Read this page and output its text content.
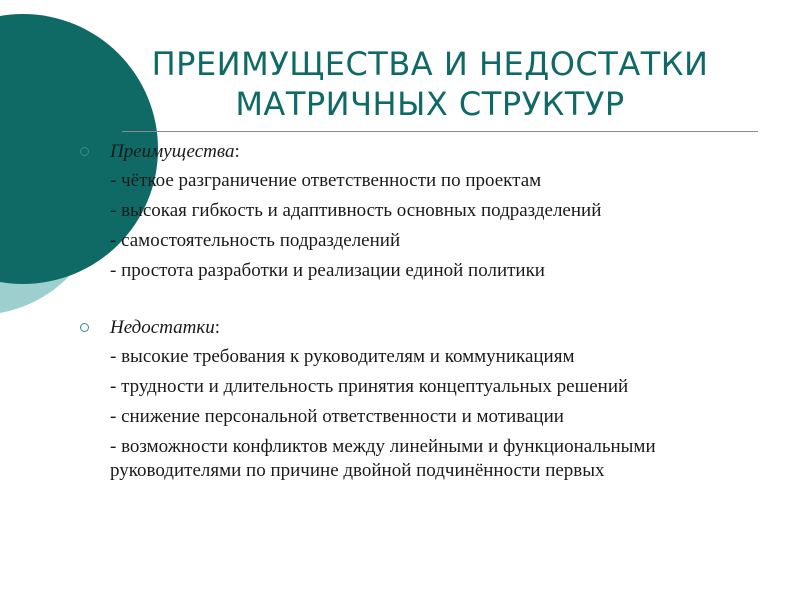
ПРЕИМУЩЕСТВА И НЕДОСТАТКИ
МАТРИЧНЫХ СТРУКТУР
Преимущества:
- чёткое разграничение ответственности по проектам
- высокая гибкость и адаптивность основных подразделений
- самостоятельность подразделений
- простота разработки и реализации единой политики
Недостатки:
- высокие требования к руководителям и коммуникациям
- трудности и длительность принятия концептуальных решений
- снижение персональной ответственности и мотивации
- возможности конфликтов между линейными и функциональными руководителями по причине двойной подчинённости первых
